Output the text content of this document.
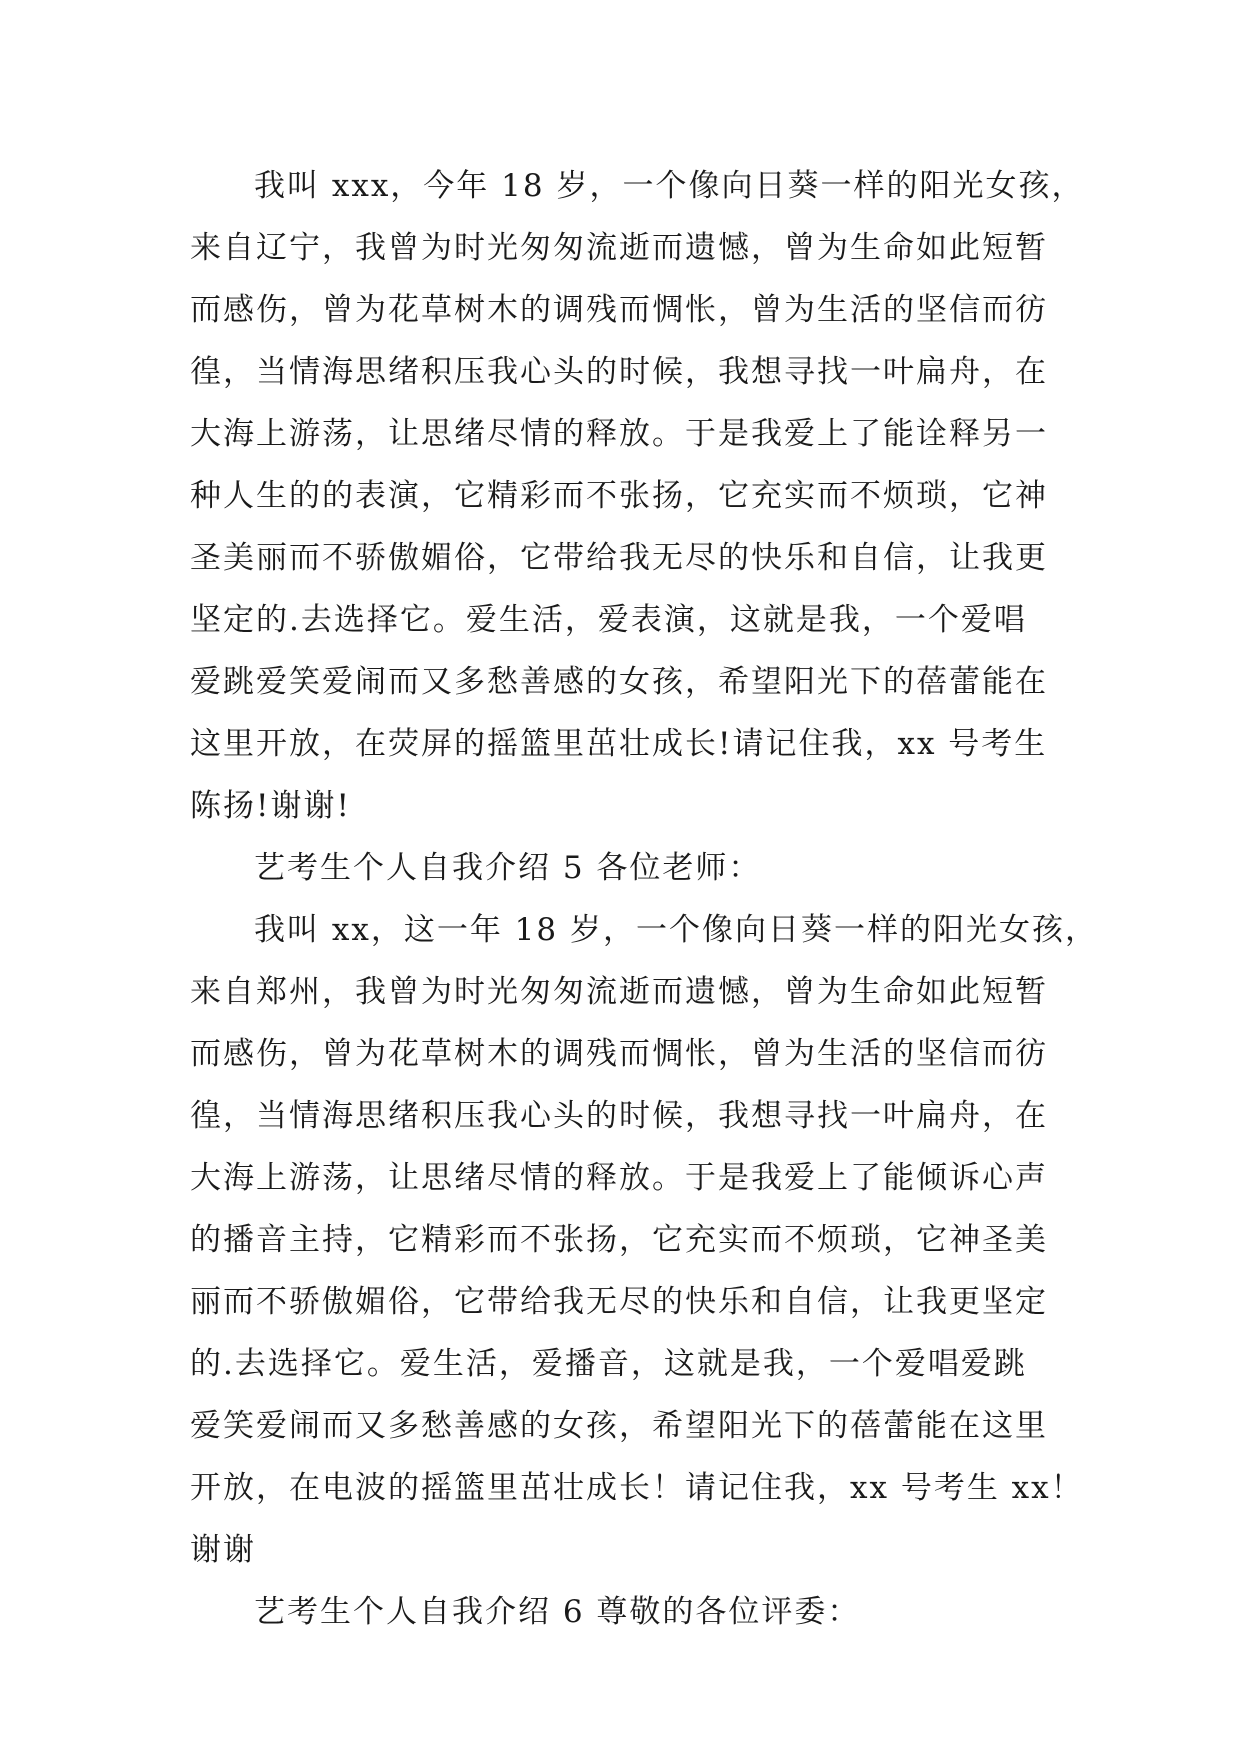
我叫 xxx，今年 18 岁，一个像向日葵一样的阳光女孩，
来自辽宁，我曾为时光匆匆流逝而遗憾，曾为生命如此短暂
而感伤，曾为花草树木的调残而惆怅，曾为生活的坚信而彷
徨，当情海思绪积压我心头的时候，我想寻找一叶扁舟，在
大海上游荡，让思绪尽情的释放。于是我爱上了能诠释另一
种人生的的表演，它精彩而不张扬，它充实而不烦琐，它神
圣美丽而不骄傲媚俗，它带给我无尽的快乐和自信，让我更
坚定的.去选择它。爱生活，爱表演，这就是我，一个爱唱
爱跳爱笑爱闹而又多愁善感的女孩，希望阳光下的蓓蕾能在
这里开放，在荧屏的摇篮里茁壮成长!请记住我，xx 号考生
陈扬!谢谢!
艺考生个人自我介绍 5 各位老师：
我叫 xx，这一年 18 岁，一个像向日葵一样的阳光女孩，
来自郑州，我曾为时光匆匆流逝而遗憾，曾为生命如此短暂
而感伤，曾为花草树木的调残而惆怅，曾为生活的坚信而彷
徨，当情海思绪积压我心头的时候，我想寻找一叶扁舟，在
大海上游荡，让思绪尽情的释放。于是我爱上了能倾诉心声
的播音主持，它精彩而不张扬，它充实而不烦琐，它神圣美
丽而不骄傲媚俗，它带给我无尽的快乐和自信，让我更坚定
的.去选择它。爱生活，爱播音，这就是我，一个爱唱爱跳
爱笑爱闹而又多愁善感的女孩，希望阳光下的蓓蕾能在这里
开放，在电波的摇篮里茁壮成长！请记住我，xx 号考生 xx！
谢谢
艺考生个人自我介绍 6 尊敬的各位评委：
